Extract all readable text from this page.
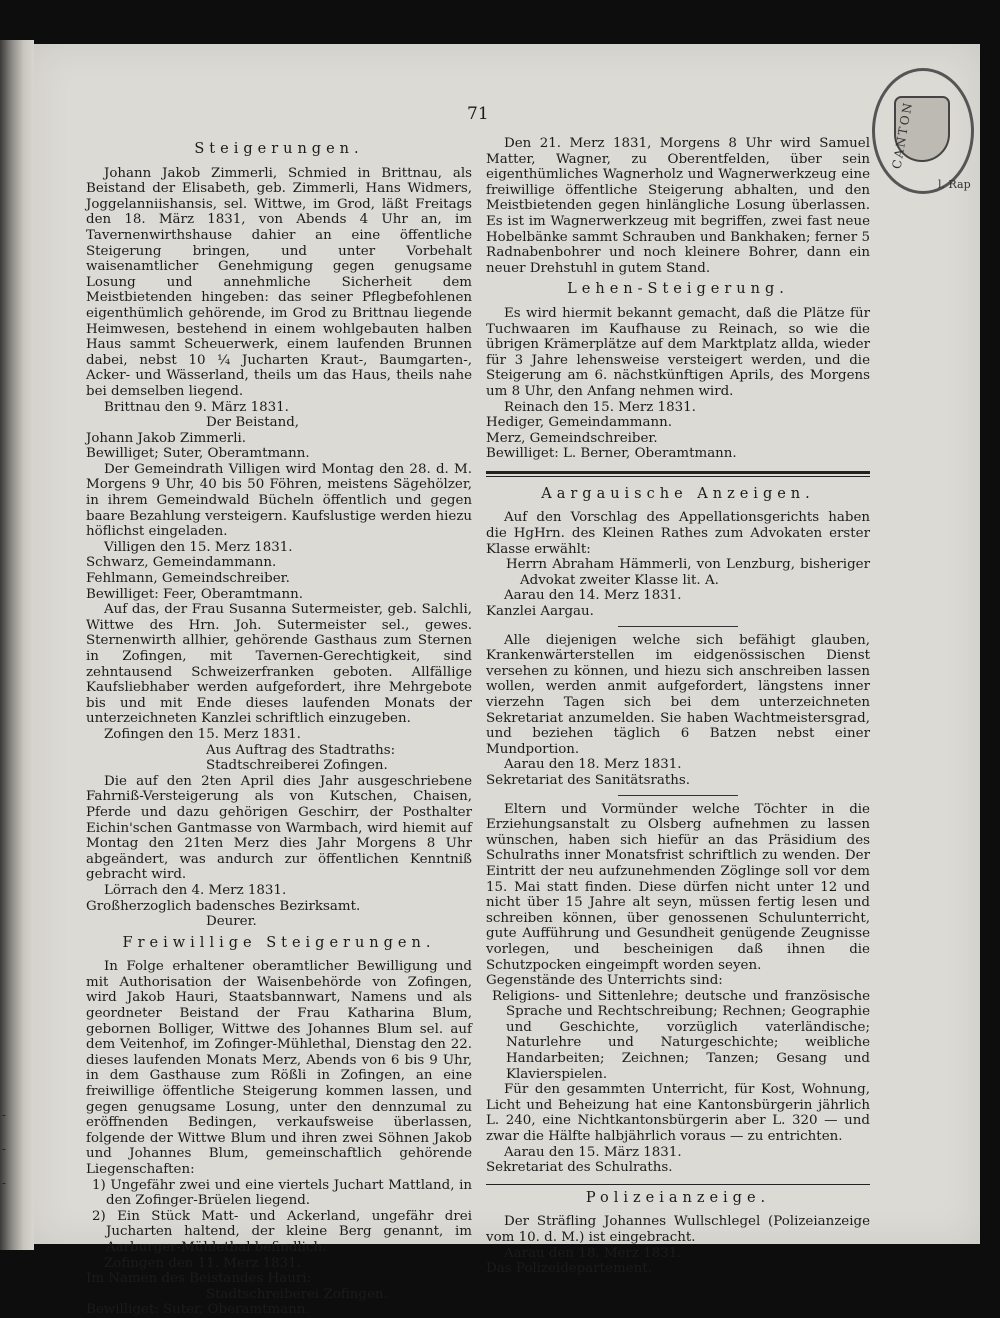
-
-
-
CANTON
l. Rap
71
Steigerungen.

Johann Jakob Zimmerli, Schmied in Brittnau, als Beistand der Elisabeth, geb. Zimmerli, Hans Widmers, Joggelanniishansis, sel. Wittwe, im Grod, läßt Freitags den 18. März 1831, von Abends 4 Uhr an, im Tavernenwirthshause dahier an eine öffentliche Steigerung bringen, und unter Vorbehalt waisenamtlicher Genehmigung gegen genugsame Losung und annehmliche Sicherheit dem Meistbietenden hingeben: das seiner Pflegbefohlenen eigenthümlich gehörende, im Grod zu Brittnau liegende Heimwesen, bestehend in einem wohlgebauten halben Haus sammt Scheuerwerk, einem laufenden Brunnen dabei, nebst 10 ¼ Jucharten Kraut-, Baumgarten-, Acker- und Wässerland, theils um das Haus, theils nahe bei demselben liegend.

Brittnau den 9. März 1831.

Der Beistand,

Johann Jakob Zimmerli.

Bewilliget; Suter, Oberamtmann.

Der Gemeindrath Villigen wird Montag den 28. d. M. Morgens 9 Uhr, 40 bis 50 Föhren, meistens Sägehölzer, in ihrem Gemeindwald Bücheln öffentlich und gegen baare Bezahlung versteigern. Kaufslustige werden hiezu höflichst eingeladen.

Villigen den 15. Merz 1831.

Schwarz, Gemeindammann.

Fehlmann, Gemeindschreiber.

Bewilliget: Feer, Oberamtmann.

Auf das, der Frau Susanna Sutermeister, geb. Salchli, Wittwe des Hrn. Joh. Sutermeister sel., gewes. Sternenwirth allhier, gehörende Gasthaus zum Sternen in Zofingen, mit Tavernen-Gerechtigkeit, sind zehntausend Schweizerfranken geboten. Allfällige Kaufsliebhaber werden aufgefordert, ihre Mehrgebote bis und mit Ende dieses laufenden Monats der unterzeichneten Kanzlei schriftlich einzugeben.

Zofingen den 15. Merz 1831.

Aus Auftrag des Stadtraths:

Stadtschreiberei Zofingen.

Die auf den 2ten April dies Jahr ausgeschriebene Fahrniß-Versteigerung als von Kutschen, Chaisen, Pferde und dazu gehörigen Geschirr, der Posthalter Eichin'schen Gantmasse von Warmbach, wird hiemit auf Montag den 21ten Merz dies Jahr Morgens 8 Uhr abgeändert, was andurch zur öffentlichen Kenntniß gebracht wird.

Lörrach den 4. Merz 1831.

Großherzoglich badensches Bezirksamt.

Deurer.

Freiwillige Steigerungen.

In Folge erhaltener oberamtlicher Bewilligung und mit Authorisation der Waisenbehörde von Zofingen, wird Jakob Hauri, Staatsbannwart, Namens und als geordneter Beistand der Frau Katharina Blum, gebornen Bolliger, Wittwe des Johannes Blum sel. auf dem Veitenhof, im Zofinger-Mühlethal, Dienstag den 22. dieses laufenden Monats Merz, Abends von 6 bis 9 Uhr, in dem Gasthause zum Rößli in Zofingen, an eine freiwillige öffentliche Steigerung kommen lassen, und gegen genugsame Losung, unter den dennzumal zu eröffnenden Bedingen, verkaufsweise überlassen, folgende der Wittwe Blum und ihren zwei Söhnen Jakob und Johannes Blum, gemeinschaftlich gehörende Liegenschaften:

1) Ungefähr zwei und eine viertels Juchart Mattland, in den Zofinger-Brüelen liegend.

2) Ein Stück Matt- und Ackerland, ungefähr drei Jucharten haltend, der kleine Berg genannt, im Aarburger-Mühlethal befindlich.

Zofingen den 11. Merz 1831.

Im Namen des Beistandes Hauri:

Stadtschreiberei Zofingen.

Bewilliget: Suter, Oberamtmann.

Den 21. Merz 1831, Morgens 8 Uhr wird Samuel Matter, Wagner, zu Oberentfelden, über sein eigenthümliches Wagnerholz und Wagnerwerkzeug eine freiwillige öffentliche Steigerung abhalten, und den Meistbietenden gegen hinlängliche Losung überlassen. Es ist im Wagnerwerkzeug mit begriffen, zwei fast neue Hobelbänke sammt Schrauben und Bankhaken; ferner 5 Radnabenbohrer und noch kleinere Bohrer, dann ein neuer Drehstuhl in gutem Stand.

Lehen-Steigerung.

Es wird hiermit bekannt gemacht, daß die Plätze für Tuchwaaren im Kaufhause zu Reinach, so wie die übrigen Krämerplätze auf dem Marktplatz allda, wieder für 3 Jahre lehensweise versteigert werden, und die Steigerung am 6. nächstkünftigen Aprils, des Morgens um 8 Uhr, den Anfang nehmen wird.

Reinach den 15. Merz 1831.

Hediger, Gemeindammann.

Merz, Gemeindschreiber.

Bewilliget: L. Berner, Oberamtmann.

Aargauische Anzeigen.

Auf den Vorschlag des Appellationsgerichts haben die HgHrn. des Kleinen Rathes zum Advokaten erster Klasse erwählt:

Herrn Abraham Hämmerli, von Lenzburg, bisheriger Advokat zweiter Klasse lit. A.

Aarau den 14. Merz 1831.

Kanzlei Aargau.

Alle diejenigen welche sich befähigt glauben, Krankenwärterstellen im eidgenössischen Dienst versehen zu können, und hiezu sich anschreiben lassen wollen, werden anmit aufgefordert, längstens inner vierzehn Tagen sich bei dem unterzeichneten Sekretariat anzumelden. Sie haben Wachtmeistersgrad, und beziehen täglich 6 Batzen nebst einer Mundportion.

Aarau den 18. Merz 1831.

Sekretariat des Sanitätsraths.

Eltern und Vormünder welche Töchter in die Erziehungsanstalt zu Olsberg aufnehmen zu lassen wünschen, haben sich hiefür an das Präsidium des Schulraths inner Monatsfrist schriftlich zu wenden. Der Eintritt der neu aufzunehmenden Zöglinge soll vor dem 15. Mai statt finden. Diese dürfen nicht unter 12 und nicht über 15 Jahre alt seyn, müssen fertig lesen und schreiben können, über genossenen Schulunterricht, gute Aufführung und Gesundheit genügende Zeugnisse vorlegen, und bescheinigen daß ihnen die Schutzpocken eingeimpft worden seyen.

Gegenstände des Unterrichts sind:

Religions- und Sittenlehre; deutsche und französische Sprache und Rechtschreibung; Rechnen; Geographie und Geschichte, vorzüglich vaterländische; Naturlehre und Naturgeschichte; weibliche Handarbeiten; Zeichnen; Tanzen; Gesang und Klavierspielen.

Für den gesammten Unterricht, für Kost, Wohnung, Licht und Beheizung hat eine Kantonsbürgerin jährlich L. 240, eine Nichtkantonsbürgerin aber L. 320 — und zwar die Hälfte halbjährlich voraus — zu entrichten.

Aarau den 15. März 1831.

Sekretariat des Schulraths.

Polizeianzeige.

Der Sträfling Johannes Wullschlegel (Polizeianzeige vom 10. d. M.) ist eingebracht.

Aarau den 18. Merz 1831.

Das Polizeidepartement.
